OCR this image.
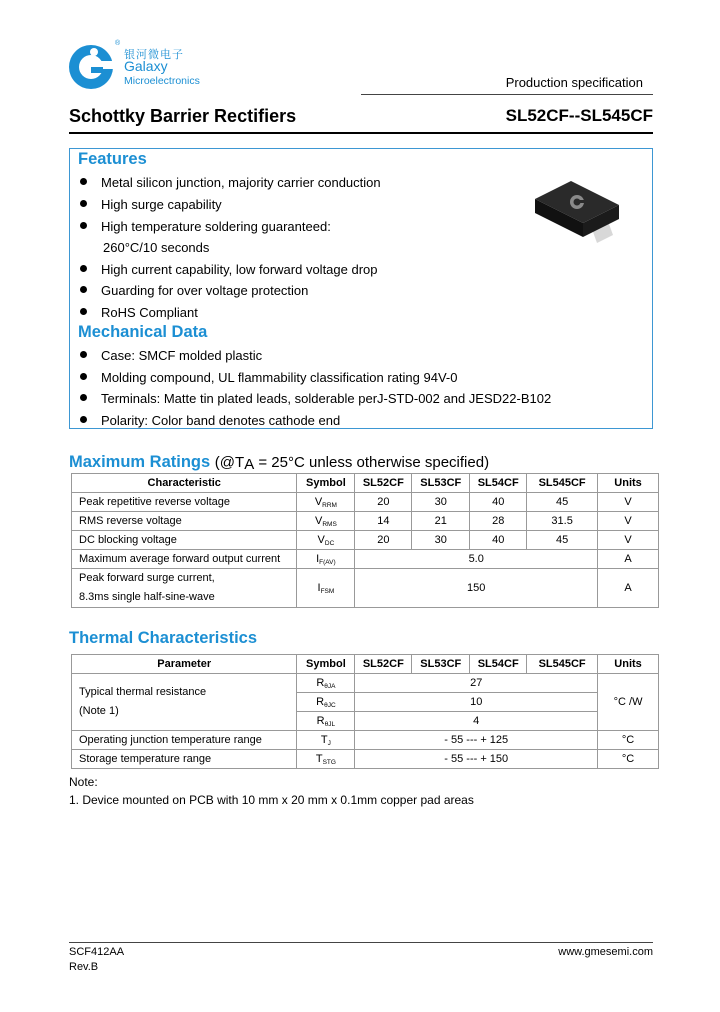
®
银河微电子
Galaxy
Microelectronics	Production specification
Schottky Barrier Rectifiers	SL52CF--SL545CF
Features
Metal silicon junction, majority carrier conduction
High surge capability
High temperature soldering guaranteed:
260°C/10 seconds
High current capability, low forward voltage drop
Guarding for over voltage protection
RoHS Compliant
Mechanical Data
Case: SMCF molded plastic
Molding compound, UL flammability classification rating 94V-0
Terminals: Matte tin plated leads, solderable perJ-STD-002 and JESD22-B102
Polarity: Color band denotes cathode end
Maximum Ratings ($@T_A = 25^\circ C$ unless otherwise specified)
Characteristic	Symbol	SL52CF	SL53CF	SL54CF	SL545CF	Units
Peak repetitive reverse voltage	$V_{RRM}$	20	30	40	45	V
RMS reverse voltage	$V_{RMS}$	14	21	28	31.5	V
DC blocking voltage	$V_{DC}$	20	30	40	45	V
Maximum average forward output current	$I_{F(AV)}$	5.0				A

Peak forward surge current,
8.3ms single half-sine-wave	$I_{FSM}$	150				A
Thermal Characteristics
Parameter	Symbol	SL52CF	SL53CF	SL54CF	SL545CF	Units

Typical thermal resistance
(Note 1)	$R_{\theta JA}$	27				°C /W
	$R_{\theta JC}$	10				
	$R_{\theta JL}$	4				
Operating junction temperature range	$T_J$	- 55 --- + 125				°C
Storage temperature range	$T_{STG}$	- 55 --- + 150				°C
Note:
1. Device mounted on PCB with 10 mm x 20 mm x 0.1mm copper pad areas
SCF412AA
Rev.B
www.gmesemi.com
